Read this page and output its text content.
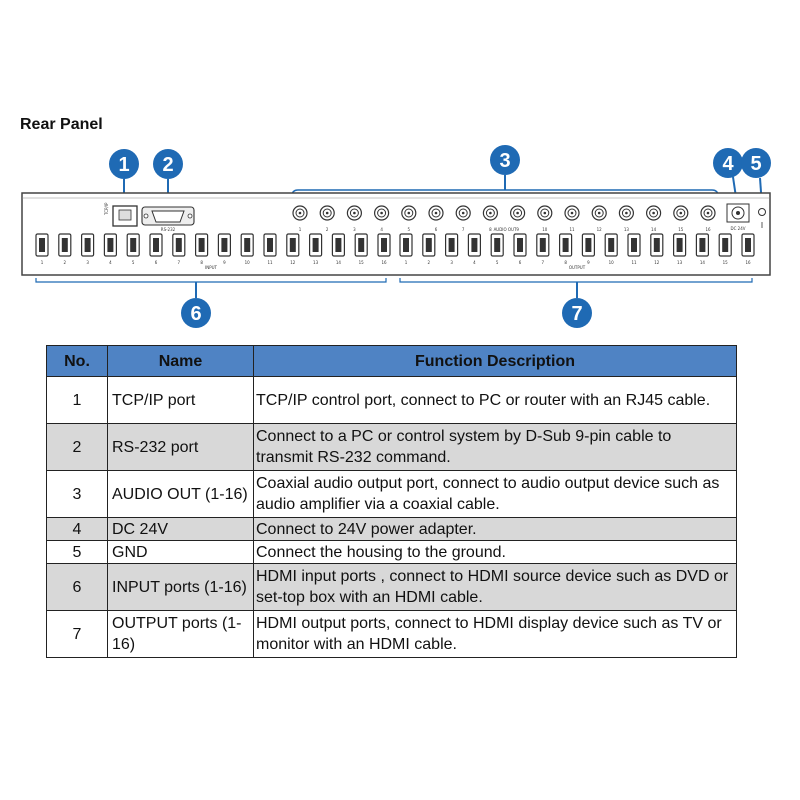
Rear Panel
1 2	3	4 5
TCP/IP
RS-232	1	2	3	4	5	6	7	8	9	10	11	12	13	14	15	16
AUDIO OUT	DC 24V
1	2	3	4	5	6	7	8	9	10	11	12	13	14	15	16	1	2	3	4	5	6	7	8	9	10	11	12	13	14	15	16
INPUT	OUTPUT
6	7
No.	Name	Function Description
1	TCP/IP port	TCP/IP control port, connect to PC or router with an RJ45 cable.
2	RS-232 port	Connect to a PC or control system by D-Sub 9-pin cable to transmit RS-232 command.
3	AUDIO OUT (1-16)	Coaxial audio output port, connect to audio output device such as audio amplifier via a coaxial cable.
4	DC 24V	Connect to 24V power adapter.
5	GND	Connect the housing to the ground.
6	INPUT ports (1-16)	HDMI input ports , connect to HDMI source device such as DVD or set-top box with an HDMI cable.
7	OUTPUT ports (1-16)	HDMI output ports, connect to HDMI display device such as TV or monitor with an HDMI cable.
